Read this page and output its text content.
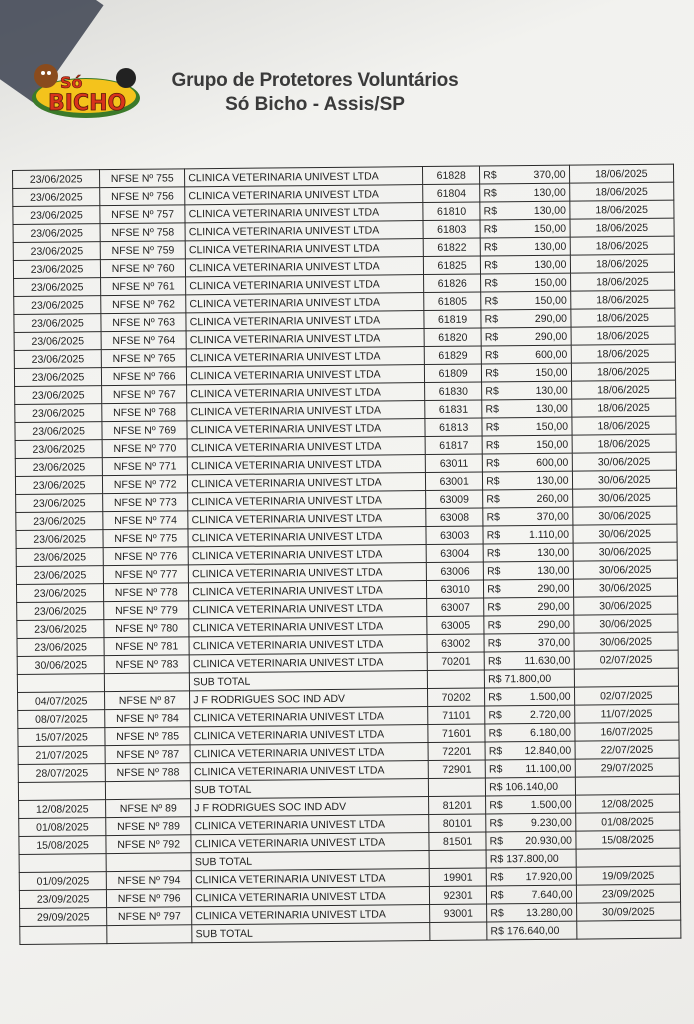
Só
BICHO
Grupo de Protetores Voluntários
Só Bicho - Assis/SP
23/06/2025	NFSE Nº 755	CLINICA VETERINARIA UNIVEST LTDA	61828	R$ 370,00	18/06/2025
23/06/2025	NFSE Nº 756	CLINICA VETERINARIA UNIVEST LTDA	61804	R$ 130,00	18/06/2025
23/06/2025	NFSE Nº 757	CLINICA VETERINARIA UNIVEST LTDA	61810	R$ 130,00	18/06/2025
23/06/2025	NFSE Nº 758	CLINICA VETERINARIA UNIVEST LTDA	61803	R$ 150,00	18/06/2025
23/06/2025	NFSE Nº 759	CLINICA VETERINARIA UNIVEST LTDA	61822	R$ 130,00	18/06/2025
23/06/2025	NFSE Nº 760	CLINICA VETERINARIA UNIVEST LTDA	61825	R$ 130,00	18/06/2025
23/06/2025	NFSE Nº 761	CLINICA VETERINARIA UNIVEST LTDA	61826	R$ 150,00	18/06/2025
23/06/2025	NFSE Nº 762	CLINICA VETERINARIA UNIVEST LTDA	61805	R$ 150,00	18/06/2025
23/06/2025	NFSE Nº 763	CLINICA VETERINARIA UNIVEST LTDA	61819	R$ 290,00	18/06/2025
23/06/2025	NFSE Nº 764	CLINICA VETERINARIA UNIVEST LTDA	61820	R$ 290,00	18/06/2025
23/06/2025	NFSE Nº 765	CLINICA VETERINARIA UNIVEST LTDA	61829	R$ 600,00	18/06/2025
23/06/2025	NFSE Nº 766	CLINICA VETERINARIA UNIVEST LTDA	61809	R$ 150,00	18/06/2025
23/06/2025	NFSE Nº 767	CLINICA VETERINARIA UNIVEST LTDA	61830	R$ 130,00	18/06/2025
23/06/2025	NFSE Nº 768	CLINICA VETERINARIA UNIVEST LTDA	61831	R$ 130,00	18/06/2025
23/06/2025	NFSE Nº 769	CLINICA VETERINARIA UNIVEST LTDA	61813	R$ 150,00	18/06/2025
23/06/2025	NFSE Nº 770	CLINICA VETERINARIA UNIVEST LTDA	61817	R$ 150,00	18/06/2025
23/06/2025	NFSE Nº 771	CLINICA VETERINARIA UNIVEST LTDA	63011	R$ 600,00	30/06/2025
23/06/2025	NFSE Nº 772	CLINICA VETERINARIA UNIVEST LTDA	63001	R$ 130,00	30/06/2025
23/06/2025	NFSE Nº 773	CLINICA VETERINARIA UNIVEST LTDA	63009	R$ 260,00	30/06/2025
23/06/2025	NFSE Nº 774	CLINICA VETERINARIA UNIVEST LTDA	63008	R$ 370,00	30/06/2025
23/06/2025	NFSE Nº 775	CLINICA VETERINARIA UNIVEST LTDA	63003	R$ 1.110,00	30/06/2025
23/06/2025	NFSE Nº 776	CLINICA VETERINARIA UNIVEST LTDA	63004	R$ 130,00	30/06/2025
23/06/2025	NFSE Nº 777	CLINICA VETERINARIA UNIVEST LTDA	63006	R$ 130,00	30/06/2025
23/06/2025	NFSE Nº 778	CLINICA VETERINARIA UNIVEST LTDA	63010	R$ 290,00	30/06/2025
23/06/2025	NFSE Nº 779	CLINICA VETERINARIA UNIVEST LTDA	63007	R$ 290,00	30/06/2025
23/06/2025	NFSE Nº 780	CLINICA VETERINARIA UNIVEST LTDA	63005	R$ 290,00	30/06/2025
23/06/2025	NFSE Nº 781	CLINICA VETERINARIA UNIVEST LTDA	63002	R$ 370,00	30/06/2025
30/06/2025	NFSE Nº 783	CLINICA VETERINARIA UNIVEST LTDA	70201	R$ 11.630,00	02/07/2025
		SUB TOTAL		R$ 71.800,00	
04/07/2025	NFSE Nº 87	J F RODRIGUES SOC IND ADV	70202	R$ 1.500,00	02/07/2025
08/07/2025	NFSE Nº 784	CLINICA VETERINARIA UNIVEST LTDA	71101	R$ 2.720,00	11/07/2025
15/07/2025	NFSE Nº 785	CLINICA VETERINARIA UNIVEST LTDA	71601	R$ 6.180,00	16/07/2025
21/07/2025	NFSE Nº 787	CLINICA VETERINARIA UNIVEST LTDA	72201	R$ 12.840,00	22/07/2025
28/07/2025	NFSE Nº 788	CLINICA VETERINARIA UNIVEST LTDA	72901	R$ 11.100,00	29/07/2025
		SUB TOTAL		R$ 106.140,00	
12/08/2025	NFSE Nº 89	J F RODRIGUES SOC IND ADV	81201	R$ 1.500,00	12/08/2025
01/08/2025	NFSE Nº 789	CLINICA VETERINARIA UNIVEST LTDA	80101	R$ 9.230,00	01/08/2025
15/08/2025	NFSE Nº 792	CLINICA VETERINARIA UNIVEST LTDA	81501	R$ 20.930,00	15/08/2025
		SUB TOTAL		R$ 137.800,00	
01/09/2025	NFSE Nº 794	CLINICA VETERINARIA UNIVEST LTDA	19901	R$ 17.920,00	19/09/2025
23/09/2025	NFSE Nº 796	CLINICA VETERINARIA UNIVEST LTDA	92301	R$ 7.640,00	23/09/2025
29/09/2025	NFSE Nº 797	CLINICA VETERINARIA UNIVEST LTDA	93001	R$ 13.280,00	30/09/2025
		SUB TOTAL		R$ 176.640,00	
